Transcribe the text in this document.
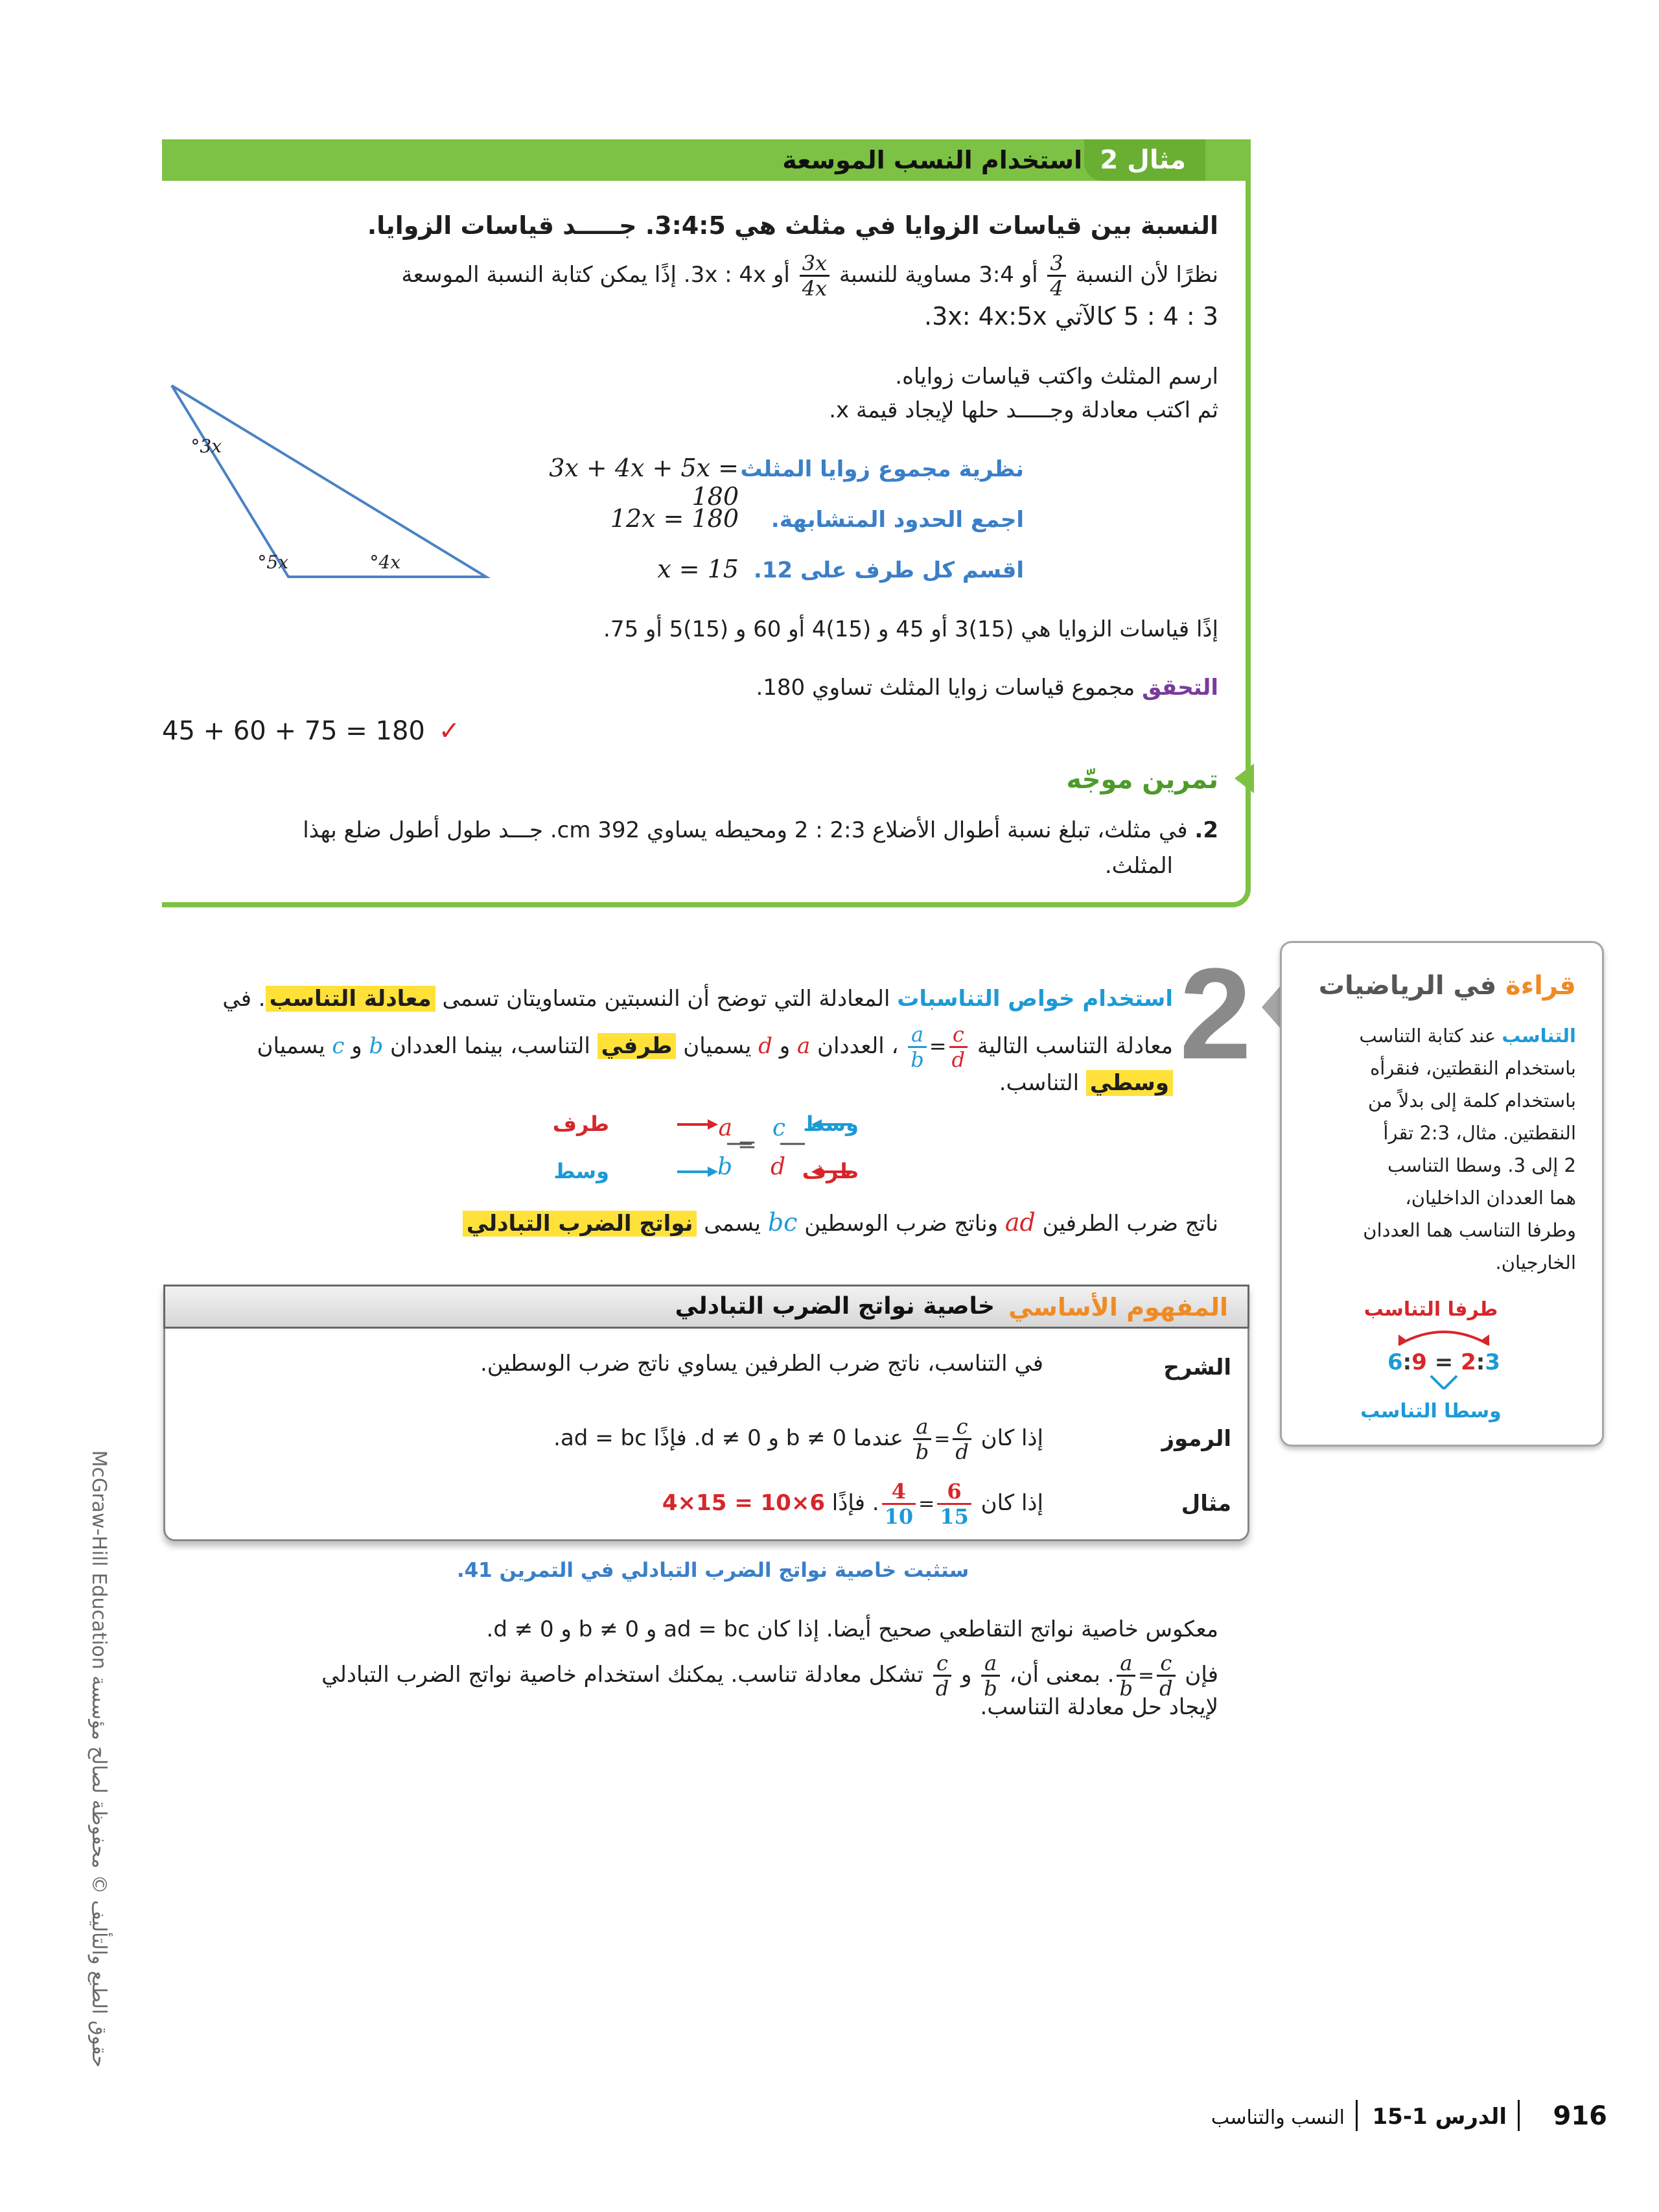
مثال 2
استخدام النسب الموسعة
النسبة بين قياسات الزوايا في مثلث هي 3:4:5. جـــــد قياسات الزوايا.
نظرًا لأن النسبة
$\frac{3}{4}$
أو 3:4 مساوية للنسبة
$\frac{3x}{4x}$
أو 3x : 4x. إذًا يمكن كتابة النسبة الموسعة
3 : 4 : 5 كالآتي 3x: 4x:5x.
ارسم المثلث واكتب قياسات زواياه.
ثم اكتب معادلة وجـــــد حلها لإيجاد قيمة x.
3x°
5x°	4x°
3x + 4x + 5x = 180
نظرية مجموع زوايا المثلث
12x = 180	اجمع الحدود المتشابهة.
x = 15 اقسم كل طرف على 12.
إذًا قياسات الزوايا هي (15)3 أو 45 و (15)4 أو 60 و (15)5 أو 75.
التحقق مجموع قياسات زوايا المثلث تساوي 180.
45 + 60 + 75 = 180 ✓
تمرين موجّه
2. في مثلث، تبلغ نسبة أطوال الأضلاع 2:3 : 2 ومحيطه يساوي 392 cm. جـــد طول أطول ضلع بهذا
المثلث.
2
استخدام خواص التناسبات المعادلة التي توضح أن النسبتين متساويتان تسمى معادلة التناسب. في
معادلة التناسب التالية
$\frac{c}{d}$
=
$\frac{a}{b}$
، العددان a و d يسميان طرفي التناسب، بينما العددان b و c يسميان
وسطي التناسب.
طرف
وسط
a
b
=
c
d
وسط
طرف
ناتج ضرب الطرفين ad وناتج ضرب الوسطين bc يسمى نواتج الضرب التبادلي
قراءة في الرياضيات
التناسب عند كتابة التناسب
باستخدام النقطتين، فنقرأه
باستخدام كلمة إلى بدلاً من
النقطتين. مثال، 2:3 تقرأ
2 إلى 3. وسطا التناسب
هما العددان الداخليان،
وطرفا التناسب هما العددان
الخارجيان.
طرفا التناسب
2:3 = 6:9
وسطا التناسب
المفهوم الأساسي
خاصية نواتج الضرب التبادلي
الشرح
في التناسب، ناتج ضرب الطرفين يساوي ناتج ضرب الوسطين.
الرموز
إذا كان
$\frac{c}{d}$
=
$\frac{a}{b}$
عندما 0 ≠ b و 0 ≠ d. فإذًا ad = bc.
مثال
إذا كان
$\frac{6}{15}$
=
$\frac{4}{10}$
. فإذًا 4×15 = 10×6
ستثبت خاصية نواتج الضرب التبادلي في التمرين 41.
معكوس خاصية نواتج التقاطعي صحيح أيضا. إذا كان ad = bc و 0 ≠ b و 0 ≠ d.
فإن
$\frac{c}{d}$
=
$\frac{a}{b}$
. بمعنى أن،
$\frac{a}{b}$
و
$\frac{c}{d}$
تشكل معادلة تناسب. يمكنك استخدام خاصية نواتج الضرب التبادلي
لإيجاد حل معادلة التناسب.
حقوق الطبع والتأليف © محفوظة لصالح مؤسسة McGraw-Hill Education
916
الدرس 1-15
النسب والتناسب
